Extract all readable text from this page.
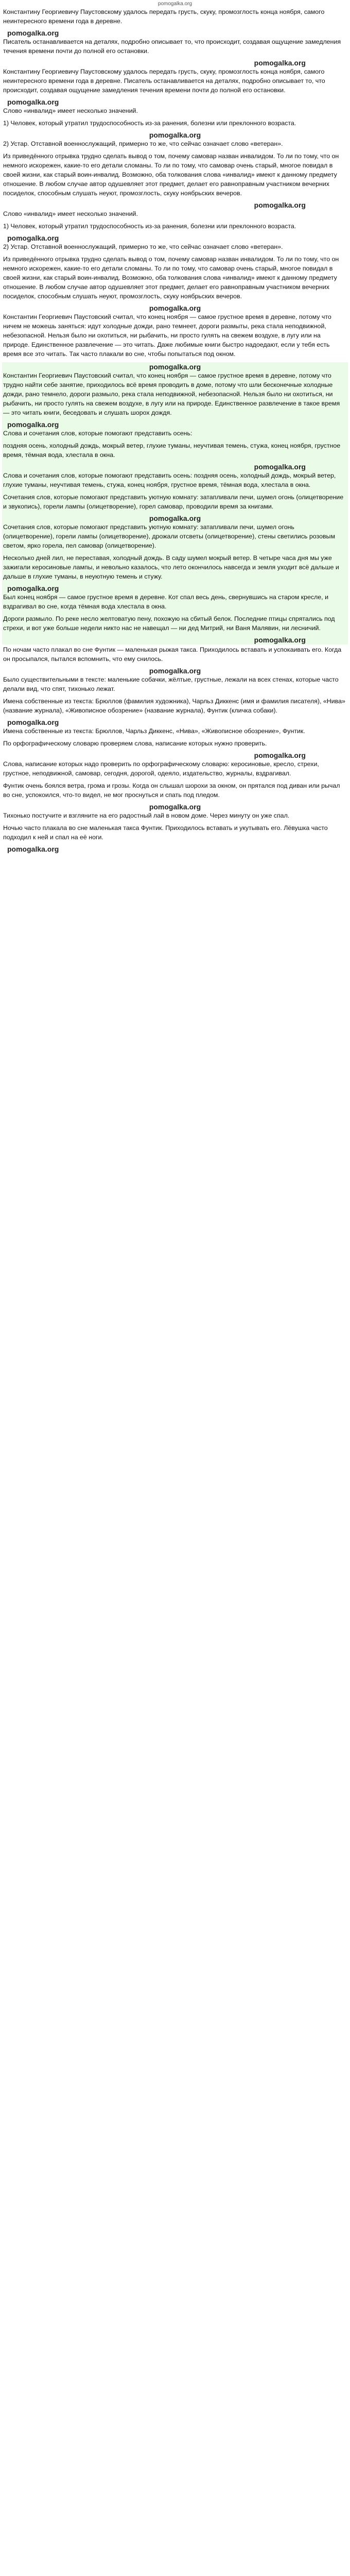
pomogalka.org

Константину Георгиевичу Паустовскому удалось передать грусть, скуку, промозглость конца ноября, самого неинтересного времени года в деревне.

pomogalka.org

Писатель останавливается на деталях, подробно описывает то, что происходит, создавая ощущение замедления течения времени почти до полной его остановки.

pomogalka.org

Константину Георгиевичу Паустовскому удалось передать грусть, скуку, промозглость конца ноября, самого неинтересного времени года в деревне. Писатель останавливается на деталях, подробно описывает то, что происходит, создавая ощущение замедления течения времени почти до полной его остановки.

pomogalka.org

Слово «инвалид» имеет несколько значений.

1) Человек, который утратил трудоспособность из-за ранения, болезни или преклонного возраста.

pomogalka.org

2) Устар. Отставной военнослужащий, примерно то же, что сейчас означает слово «ветеран».

Из приведённого отрывка трудно сделать вывод о том, почему самовар назван инвалидом. То ли по тому, что он немного искорежен, какие-то его детали сломаны. То ли по тому, что самовар очень старый, многое повидал в своей жизни, как старый воин-инвалид. Возможно, оба толкования слова «инвалид» имеют к данному предмету отношение. В любом случае автор одушевляет этот предмет, делает его равноправным участником вечерних посиделок, способным слушать неуют, промозглость, скуку ноябрьских вечеров.

pomogalka.org

Слово «инвалид» имеет несколько значений.

1) Человек, который утратил трудоспособность из-за ранения, болезни или преклонного возраста.

pomogalka.org

2) Устар. Отставной военнослужащий, примерно то же, что сейчас означает слово «ветеран».

Из приведённого отрывка трудно сделать вывод о том, почему самовар назван инвалидом. То ли по тому, что он немного искорежен, какие-то его детали сломаны. То ли по тому, что самовар очень старый, многое повидал в своей жизни, как старый воин-инвалид. Возможно, оба толкования слова «инвалид» имеют к данному предмету отношение. В любом случае автор одушевляет этот предмет, делает его равноправным участником вечерних посиделок, способным слушать неуют, промозглость, скуку ноябрьских вечеров.

pomogalka.org

Константин Георгиевич Паустовский считал, что конец ноября — самое грустное время в деревне, потому что ничем не можешь заняться: идут холодные дожди, рано темнеет, дороги размыты, река стала неподвижной, небезопасной. Нельзя было ни охотиться, ни рыбачить, ни просто гулять на свежем воздухе, в лугу или на природе. Единственное развлечение — это читать. Даже любимые книги быстро надоедают, если у тебя есть время все это читать. Так часто плакали во сне, чтобы попытаться под окном.

pomogalka.org

Константин Георгиевич Паустовский считал, что конец ноября — самое грустное время в деревне, потому что трудно найти себе занятие, приходилось всё время проводить в доме, потому что шли бесконечные холодные дожди, рано темнело, дороги размыло, река стала неподвижной, небезопасной. Нельзя было ни охотиться, ни рыбачить, ни просто гулять на свежем воздухе, в лугу или на природе. Единственное развлечение в такое время — это читать книги, беседовать и слушать шорох дождя.

pomogalka.org

Слова и сочетания слов, которые помогают представить осень:

поздняя осень, холодный дождь, мокрый ветер, глухие туманы, неучтивая темень, стужа, конец ноября, грустное время, тёмная вода, хлестала в окна.

pomogalka.org

Слова и сочетания слов, которые помогают представить осень: поздняя осень, холодный дождь, мокрый ветер, глухие туманы, неучтивая темень, стужа, конец ноября, грустное время, тёмная вода, хлестала в окна.

Сочетания слов, которые помогают представить уютную комнату: затапливали печи, шумел огонь (олицетворение и звукопись), горели лампы (олицетворение), горел самовар, проводили время за книгами.

pomogalka.org

Сочетания слов, которые помогают представить уютную комнату: затапливали печи, шумел огонь (олицетворение), горели лампы (олицетворение), дрожали отсветы (олицетворение), стены светились розовым светом, ярко горела, пел самовар (олицетворение).

Несколько дней лил, не переставая, холодный дождь. В саду шумел мокрый ветер. В четыре часа дня мы уже зажигали керосиновые лампы, и невольно казалось, что лето окончилось навсегда и земля уходит всё дальше и дальше в глухие туманы, в неуютную темень и стужу.

pomogalka.org

Был конец ноября — самое грустное время в деревне. Кот спал весь день, свернувшись на старом кресле, и вздрагивал во сне, когда тёмная вода хлестала в окна.

Дороги размыло. По реке несло желтоватую пену, похожую на сбитый белок. Последние птицы спрятались под стрехи, и вот уже больше недели никто нас не навещал — ни дед Митрий, ни Ваня Малявин, ни лесничий.

pomogalka.org

По ночам часто плакал во сне Фунтик — маленькая рыжая такса. Приходилось вставать и успокаивать его. Когда он просыпался, пытался вспомнить, что ему снилось.

pomogalka.org

Было существительными в тексте: маленькие собачки, жёлтые, грустные, лежали на всех стенах, которые часто делали вид, что спят, тихонько лежат.

Имена собственные из текста: Брюллов (фамилия художника), Чарльз Диккенс (имя и фамилия писателя), «Нива» (название журнала), «Живописное обозрение» (название журнала), Фунтик (кличка собаки).

pomogalka.org

Имена собственные из текста: Брюллов, Чарльз Диккенс, «Нива», «Живописное обозрение», Фунтик.

По орфографическому словарю проверяем слова, написание которых нужно проверить.

pomogalka.org

Слова, написание которых надо проверить по орфографическому словарю: керосиновые, кресло, стрехи, грустное, неподвижной, самовар, сегодня, дорогой, одеяло, издательство, журналы, вздрагивал.

Фунтик очень боялся ветра, грома и грозы. Когда он слышал шорохи за окном, он прятался под диван или рычал во сне, успокоился, что-то видел, не мог проснуться и спать под пледом.

pomogalka.org

Тихонько постучите и взгляните на его радостный лай в новом доме. Через минуту он уже спал.

Ночью часто плакала во сне маленькая такса Фунтик. Приходилось вставать и укутывать его. Лёвушка часто подходил к ней и спал на её ноги.

pomogalka.org
